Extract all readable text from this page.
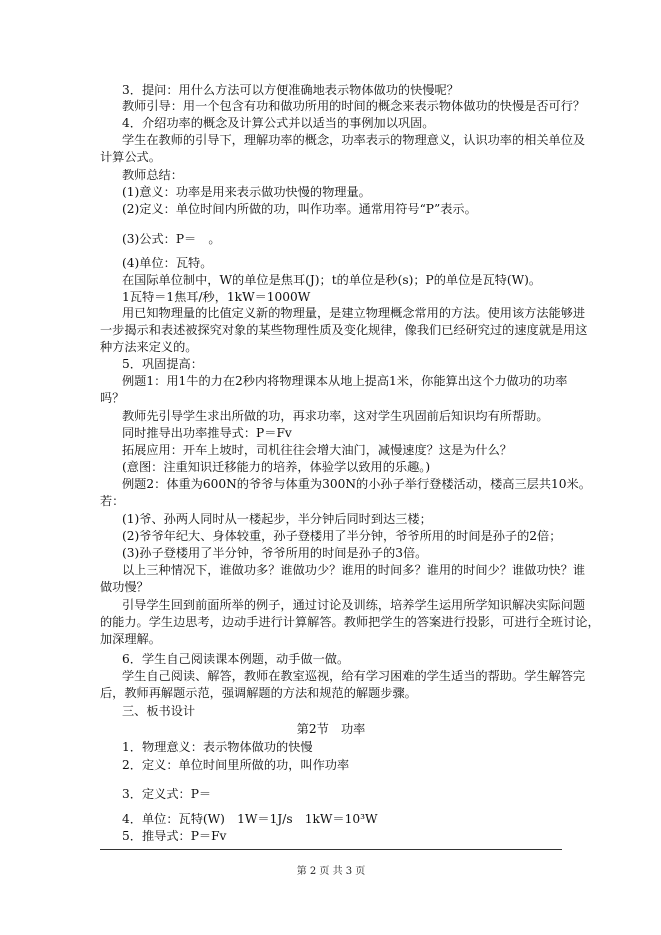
3．提问：用什么方法可以方便准确地表示物体做功的快慢呢？
教师引导：用一个包含有功和做功所用的时间的概念来表示物体做功的快慢是否可行？
4．介绍功率的概念及计算公式并以适当的事例加以巩固。
学生在教师的引导下，理解功率的概念，功率表示的物理意义，认识功率的相关单位及
计算公式。
教师总结：
(1)意义：功率是用来表示做功快慢的物理量。
(2)定义：单位时间内所做的功，叫作功率。通常用符号“P”表示。
(3)公式：P＝　。
(4)单位：瓦特。
在国际单位制中，W的单位是焦耳(J)；t的单位是秒(s)；P的单位是瓦特(W)。
1瓦特＝1焦耳/秒，1kW＝1000W
用已知物理量的比值定义新的物理量，是建立物理概念常用的方法。使用该方法能够进
一步揭示和表述被探究对象的某些物理性质及变化规律，像我们已经研究过的速度就是用这
种方法来定义的。
5．巩固提高：
例题1：用1牛的力在2秒内将物理课本从地上提高1米，你能算出这个力做功的功率
吗？
教师先引导学生求出所做的功，再求功率，这对学生巩固前后知识均有所帮助。
同时推导出功率推导式：P＝Fv
拓展应用：开车上坡时，司机往往会增大油门，减慢速度？这是为什么？
(意图：注重知识迁移能力的培养，体验学以致用的乐趣。)
例题2：体重为600N的爷爷与体重为300N的小孙子举行登楼活动，楼高三层共10米。
若：
(1)爷、孙两人同时从一楼起步，半分钟后同时到达三楼；
(2)爷爷年纪大、身体较重，孙子登楼用了半分钟，爷爷所用的时间是孙子的2倍；
(3)孙子登楼用了半分钟，爷爷所用的时间是孙子的3倍。
以上三种情况下，谁做功多？谁做功少？谁用的时间多？谁用的时间少？谁做功快？谁
做功慢？
引导学生回到前面所举的例子，通过讨论及训练，培养学生运用所学知识解决实际问题
的能力。学生边思考，边动手进行计算解答。教师把学生的答案进行投影，可进行全班讨论，
加深理解。
6．学生自己阅读课本例题，动手做一做。
学生自己阅读、解答，教师在教室巡视，给有学习困难的学生适当的帮助。学生解答完
后，教师再解题示范，强调解题的方法和规范的解题步骤。
三、板书设计
1．物理意义：表示物体做功的快慢
2．定义：单位时间里所做的功，叫作功率
3．定义式：P＝
4．单位：瓦特(W)　1W＝1J/s　1kW＝10³W
5．推导式：P＝Fv
第2节　功率
第 2 页 共 3 页
